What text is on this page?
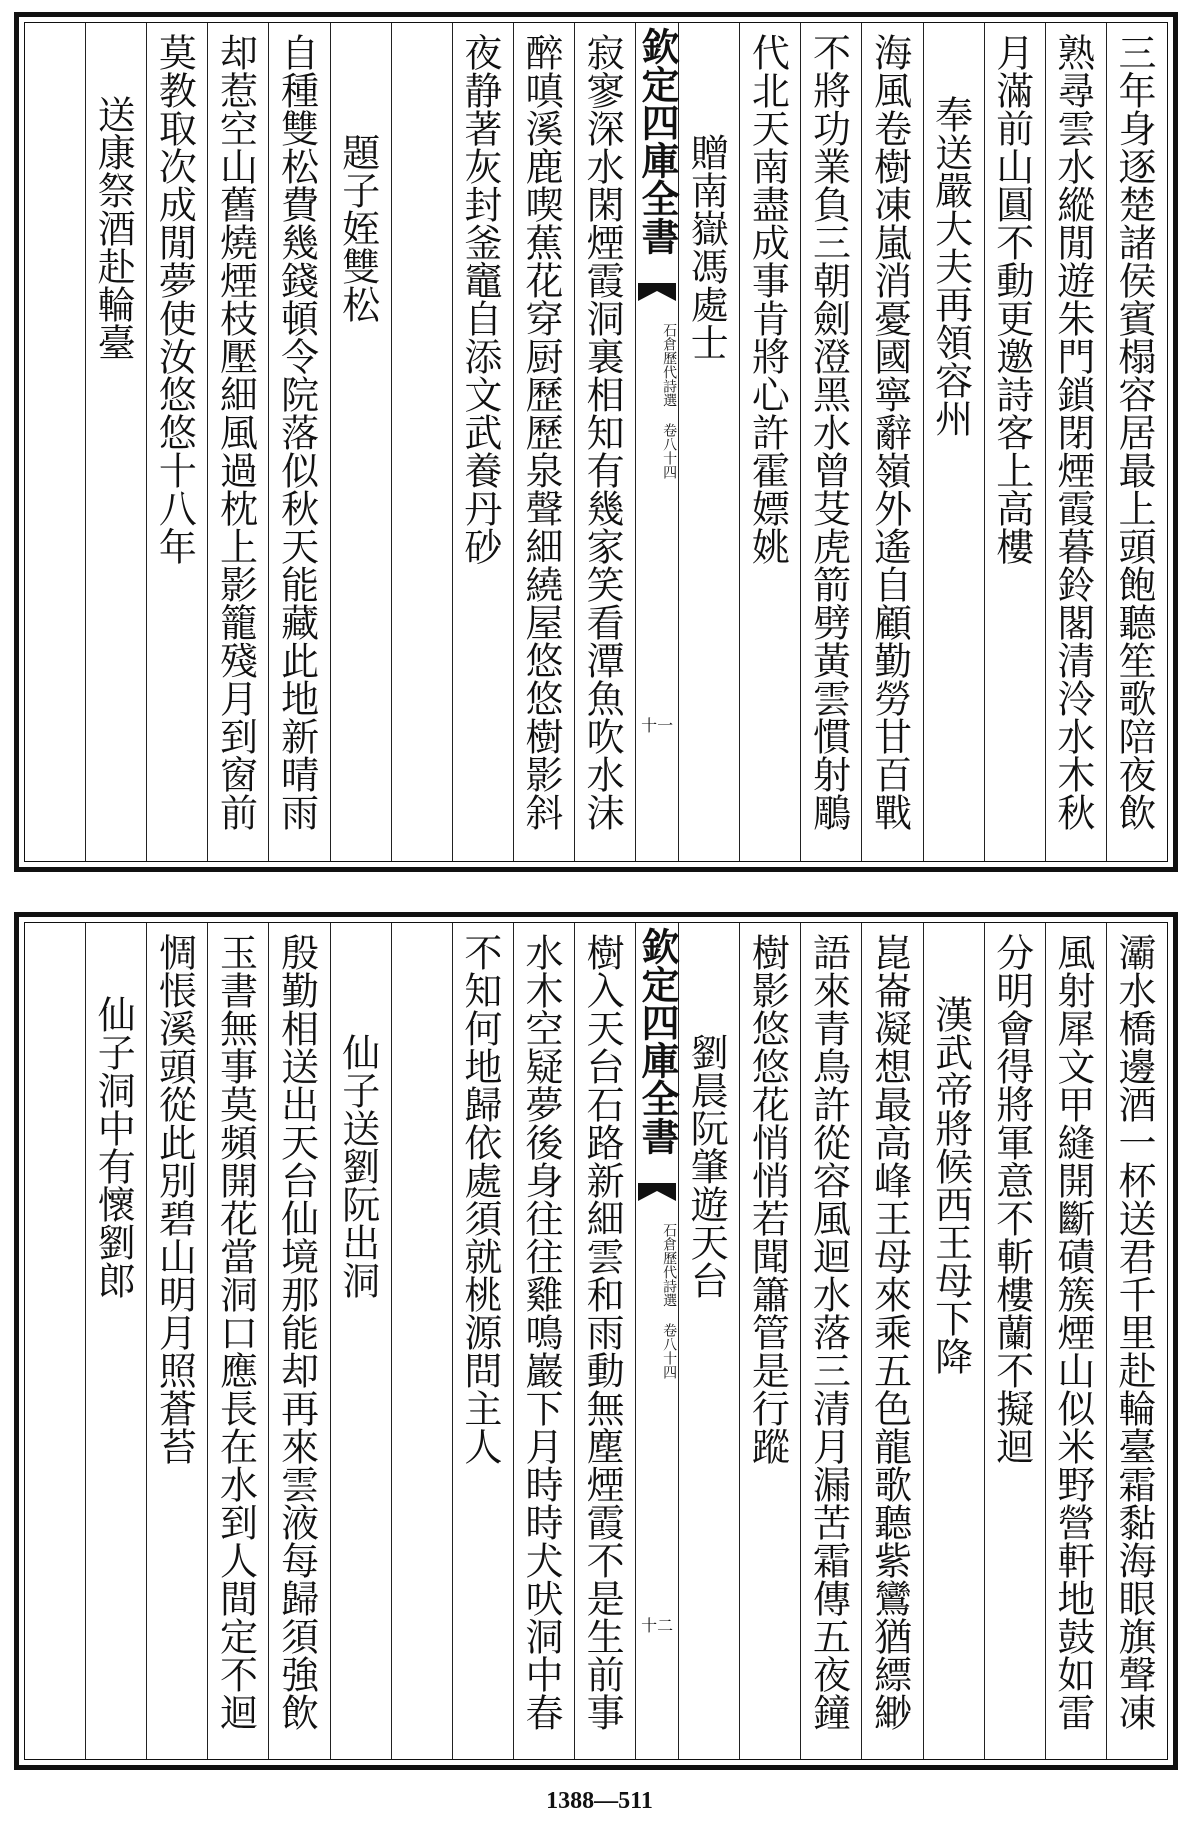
三年身逐楚諸侯賓榻容居最上頭飽聽笙歌陪夜飲
熟尋雲水縱閒遊朱門鎖閉煙霞暮鈴閣清泠水木秋
月滿前山圓不動更邀詩客上高樓
奉送嚴大夫再領容州
海風卷樹凍嵐消憂國寧辭嶺外遙自顧勤勞甘百戰
不將功業負三朝劍澄黑水曾芟虎箭劈黃雲慣射鵰
代北天南盡成事肯將心許霍嫖姚
贈南嶽馮處士
欽定四庫全書
石倉歷代詩選 卷八十四
十一
寂寥深水閑煙霞洞裏相知有幾家笑看潭魚吹水沫
醉嗔溪鹿喫蕉花穿厨歷歷泉聲細繞屋悠悠樹影斜
夜静著灰封釜竈自添文武養丹砂
題子姪雙松
自種雙松費幾錢頓令院落似秋天能藏此地新晴雨
却惹空山舊燒煙枝壓細風過枕上影籠殘月到窗前
莫教取次成閒夢使汝悠悠十八年
送康祭酒赴輪臺
灞水橋邊酒一杯送君千里赴輪臺霜黏海眼旗聲凍
風射犀文甲縫開斷磧簇煙山似米野營軒地鼓如雷
分明會得將軍意不斬樓蘭不擬迴
漢武帝將候西王母下降
崑崙凝想最高峰王母來乘五色龍歌聽紫鸞猶縹緲
語來青鳥許從容風迴水落三清月漏苦霜傳五夜鐘
樹影悠悠花悄悄若聞簫管是行蹤
劉晨阮肇遊天台
欽定四庫全書
石倉歷代詩選 卷八十四
十二
樹入天台石路新細雲和雨動無塵煙霞不是生前事
水木空疑夢後身往往雞鳴巖下月時時犬吠洞中春
不知何地歸依處須就桃源問主人
仙子送劉阮出洞
殷勤相送出天台仙境那能却再來雲液每歸須強飲
玉書無事莫頻開花當洞口應長在水到人間定不迴
惆悵溪頭從此別碧山明月照蒼苔
仙子洞中有懷劉郎
1388—511
